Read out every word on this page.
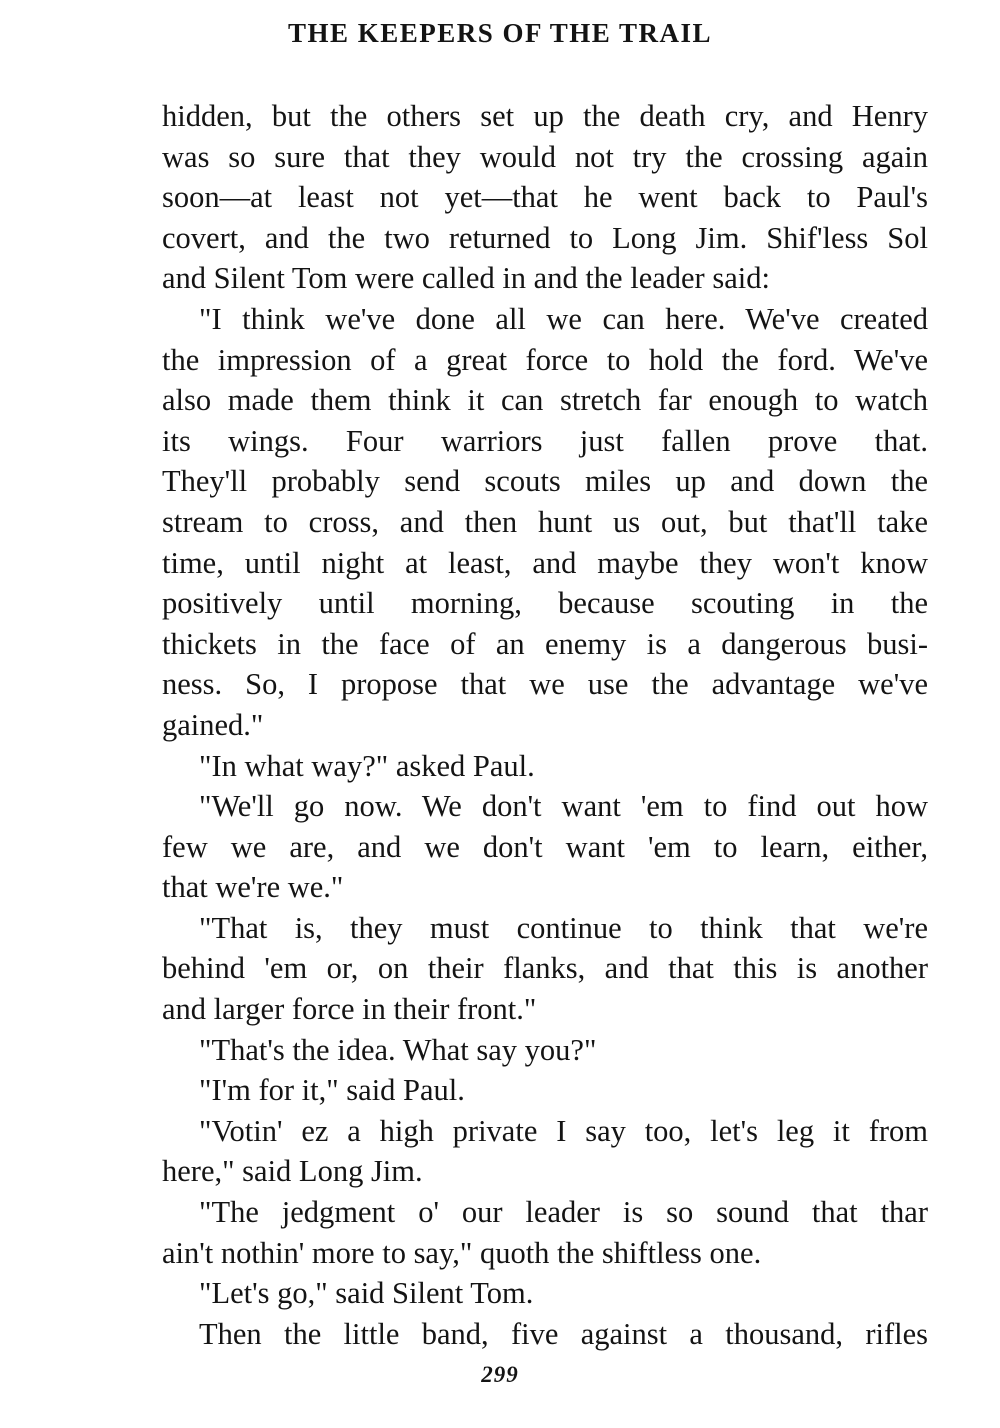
THE KEEPERS OF THE TRAIL
hidden, but the others set up the death cry, and Henry
was so sure that they would not try the crossing again
soon—at least not yet—that he went back to Paul's
covert, and the two returned to Long Jim. Shif'less Sol
and Silent Tom were called in and the leader said:
"I think we've done all we can here. We've created
the impression of a great force to hold the ford. We've
also made them think it can stretch far enough to watch
its wings. Four warriors just fallen prove that.
They'll probably send scouts miles up and down the
stream to cross, and then hunt us out, but that'll take
time, until night at least, and maybe they won't know
positively until morning, because scouting in the
thickets in the face of an enemy is a dangerous busi-
ness. So, I propose that we use the advantage we've
gained."
"In what way?" asked Paul.
"We'll go now. We don't want 'em to find out how
few we are, and we don't want 'em to learn, either,
that we're we."
"That is, they must continue to think that we're
behind 'em or, on their flanks, and that this is another
and larger force in their front."
"That's the idea. What say you?"
"I'm for it," said Paul.
"Votin' ez a high private I say too, let's leg it from
here," said Long Jim.
"The jedgment o' our leader is so sound that thar
ain't nothin' more to say," quoth the shiftless one.
"Let's go," said Silent Tom.
Then the little band, five against a thousand, rifles
299
